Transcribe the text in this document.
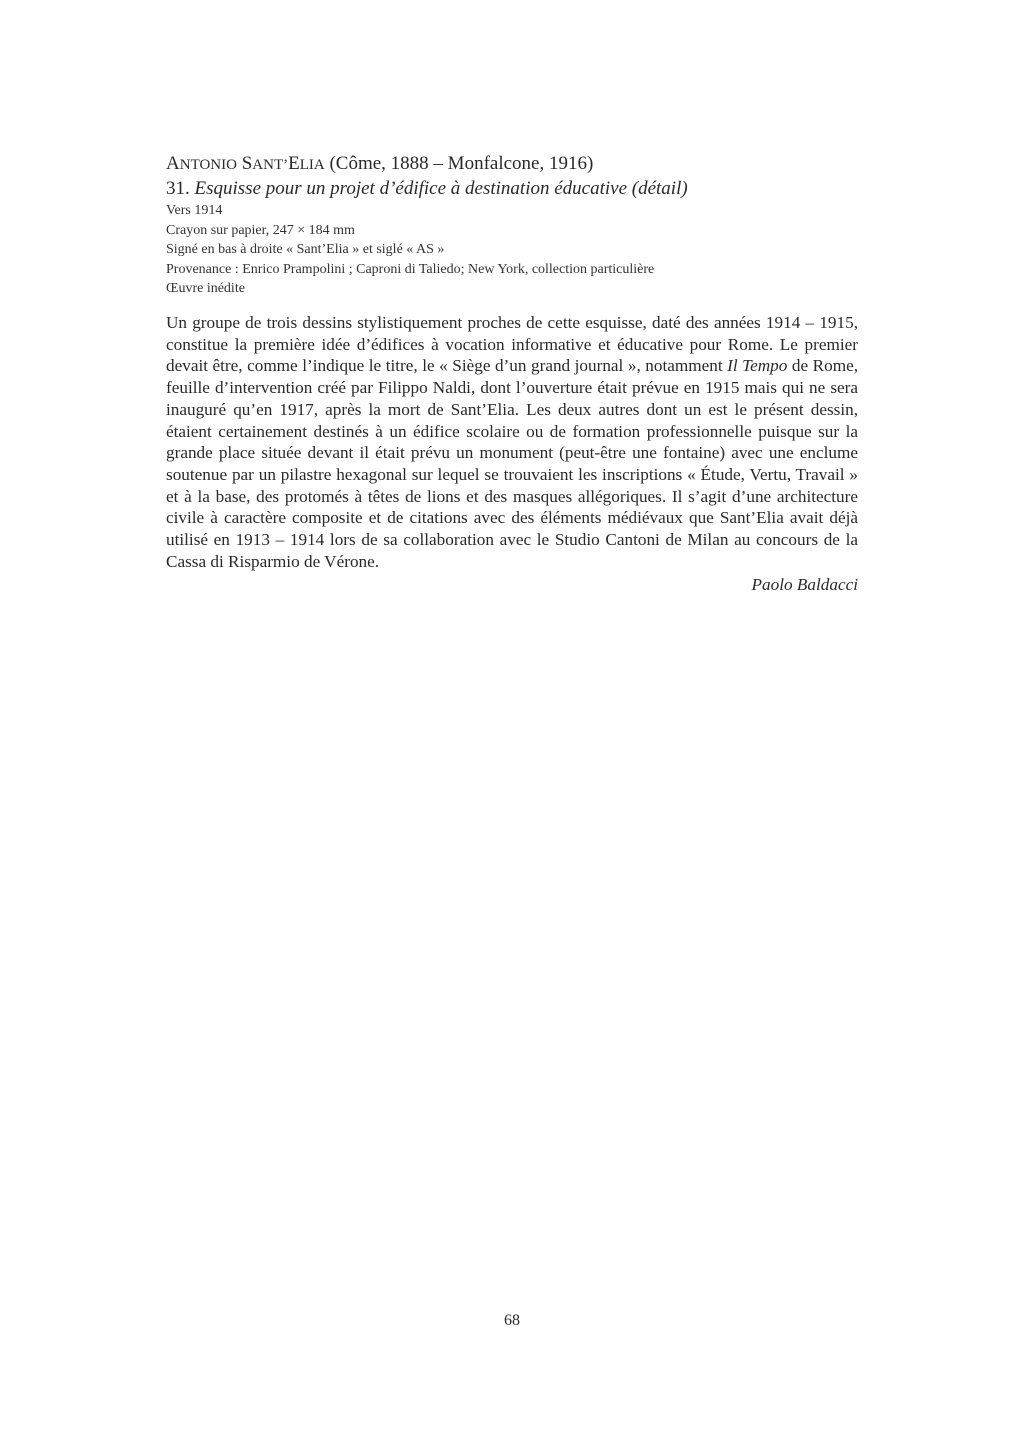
ANTONIO SANT’ELIA (Côme, 1888 – Monfalcone, 1916)

31. Esquisse pour un projet d’édifice à destination éducative (détail)

Vers 1914

Crayon sur papier, 247 × 184 mm

Signé en bas à droite « Sant’Elia » et siglé « AS »

Provenance : Enrico Prampolini ; Caproni di Taliedo; New York, collection particulière

Œuvre inédite

Un groupe de trois dessins stylistiquement proches de cette esquisse, daté des années 1914 – 1915, constitue la première idée d’édifices à vocation informative et éducative pour Rome. Le premier devait être, comme l’indique le titre, le « Siège d’un grand journal », notamment Il Tempo de Rome, feuille d’intervention créé par Filippo Naldi, dont l’ouverture était prévue en 1915 mais qui ne sera inauguré qu’en 1917, après la mort de Sant’Elia. Les deux autres dont un est le présent dessin, étaient certainement destinés à un édifice scolaire ou de formation professionnelle puisque sur la grande place située devant il était prévu un monument (peut-être une fontaine) avec une enclume soutenue par un pilastre hexagonal sur lequel se trouvaient les inscriptions « Étude, Vertu, Travail » et à la base, des protomés à têtes de lions et des masques allégoriques. Il s’agit d’une architecture civile à caractère composite et de citations avec des éléments médiévaux que Sant’Elia avait déjà utilisé en 1913 – 1914 lors de sa collaboration avec le Studio Cantoni de Milan au concours de la Cassa di Risparmio de Vérone.

Paolo Baldacci

68
